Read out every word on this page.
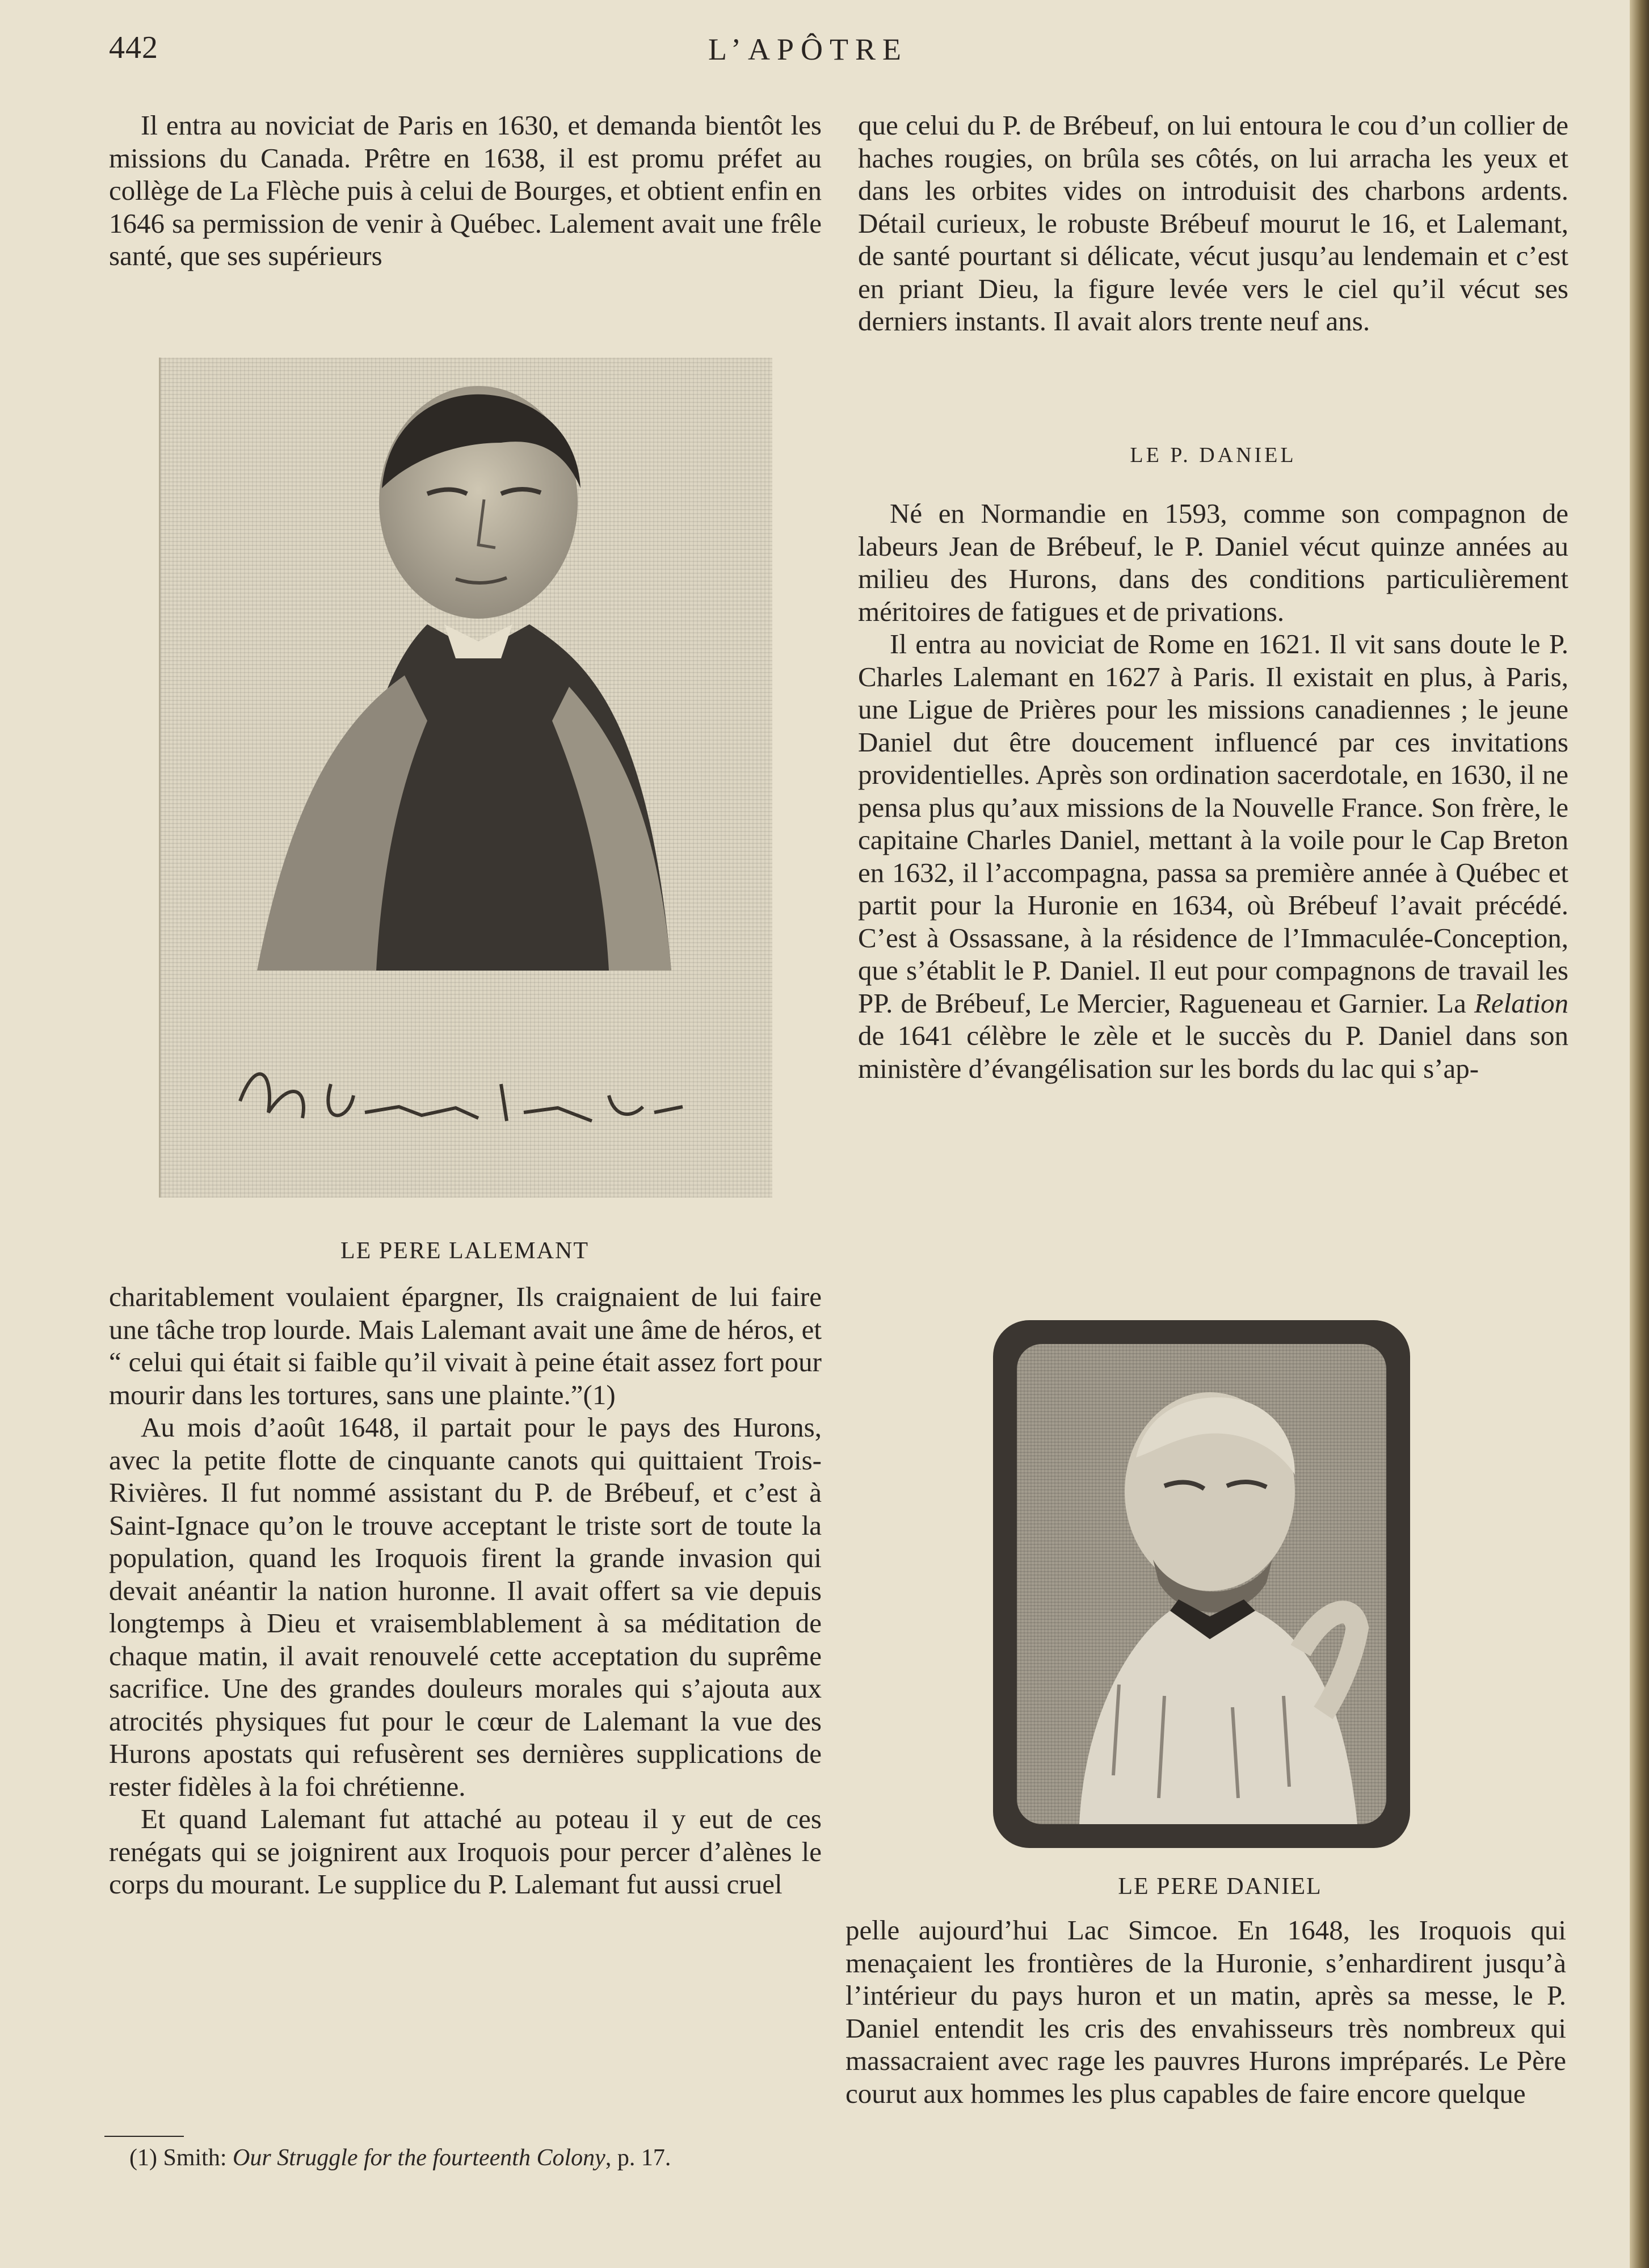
442	L’APÔTRE

Il entra au noviciat de Paris en 1630, et demanda bientôt les missions du Canada. Prêtre en 1638, il est promu préfet au collège de La Flèche puis à celui de Bourges, et obtient enfin en 1646 sa permission de venir à Québec. Lalement avait une frêle santé, que ses supérieurs

LE PERE LALEMANT

charitablement voulaient épargner, Ils craignaient de lui faire une tâche trop lourde. Mais Lalemant avait une âme de héros, et “ celui qui était si faible qu’il vivait à peine était assez fort pour mourir dans les tortures, sans une plainte.”(1)

Au mois d’août 1648, il partait pour le pays des Hurons, avec la petite flotte de cinquante canots qui quittaient Trois-Rivières. Il fut nommé assistant du P. de Brébeuf, et c’est à Saint-Ignace qu’on le trouve acceptant le triste sort de toute la population, quand les Iroquois firent la grande invasion qui devait anéantir la nation huronne. Il avait offert sa vie depuis longtemps à Dieu et vraisemblablement à sa méditation de chaque matin, il avait renouvelé cette acceptation du suprême sacrifice. Une des grandes douleurs morales qui s’ajouta aux atrocités physiques fut pour le cœur de Lalemant la vue des Hurons apostats qui refusèrent ses dernières supplications de rester fidèles à la foi chrétienne.

Et quand Lalemant fut attaché au poteau il y eut de ces renégats qui se joignirent aux Iroquois pour percer d’alènes le corps du mourant. Le supplice du P. Lalemant fut aussi cruel

(1) Smith: Our Struggle for the fourteenth Colony, p. 17.

que celui du P. de Brébeuf, on lui entoura le cou d’un collier de haches rougies, on brûla ses côtés, on lui arracha les yeux et dans les orbites vides on introduisit des charbons ardents. Détail curieux, le robuste Brébeuf mourut le 16, et Lalemant, de santé pourtant si délicate, vécut jusqu’au lendemain et c’est en priant Dieu, la figure levée vers le ciel qu’il vécut ses derniers instants. Il avait alors trente neuf ans.

LE P. DANIEL

Né en Normandie en 1593, comme son compagnon de labeurs Jean de Brébeuf, le P. Daniel vécut quinze années au milieu des Hurons, dans des conditions particulièrement méritoires de fatigues et de privations.

Il entra au noviciat de Rome en 1621. Il vit sans doute le P. Charles Lalemant en 1627 à Paris. Il existait en plus, à Paris, une Ligue de Prières pour les missions canadiennes ; le jeune Daniel dut être doucement influencé par ces invitations providentielles. Après son ordination sacerdotale, en 1630, il ne pensa plus qu’aux missions de la Nouvelle France. Son frère, le capitaine Charles Daniel, mettant à la voile pour le Cap Breton en 1632, il l’accompagna, passa sa première année à Québec et partit pour la Huronie en 1634, où Brébeuf l’avait précédé. C’est à Ossassane, à la résidence de l’Immaculée-Conception, que s’établit le P. Daniel. Il eut pour compagnons de travail les PP. de Brébeuf, Le Mercier, Ragueneau et Garnier. La Relation de 1641 célèbre le zèle et le succès du P. Daniel dans son ministère d’évangélisation sur les bords du lac qui s’ap-

LE PERE DANIEL

pelle aujourd’hui Lac Simcoe. En 1648, les Iroquois qui menaçaient les frontières de la Huronie, s’enhardirent jusqu’à l’intérieur du pays huron et un matin, après sa messe, le P. Daniel entendit les cris des envahisseurs très nombreux qui massacraient avec rage les pauvres Hurons impréparés. Le Père courut aux hommes les plus capables de faire encore quelque
